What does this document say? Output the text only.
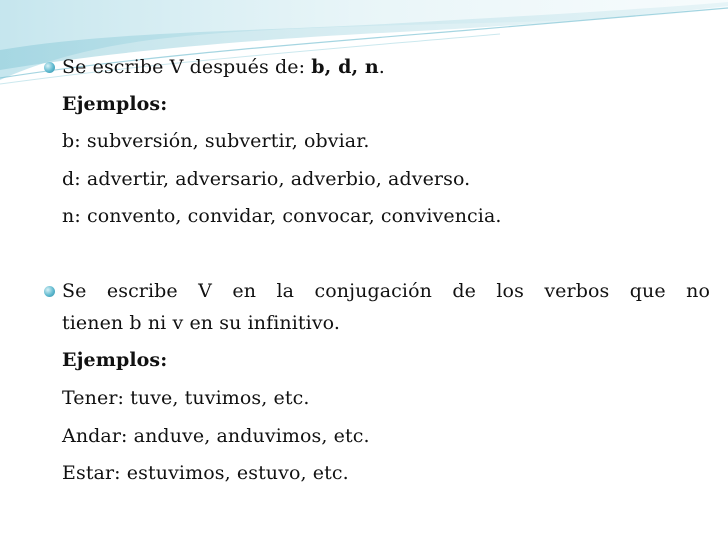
Se escribe V después de: b, d, n.
Ejemplos:
b: subversión, subvertir, obviar.
d: advertir, adversario, adverbio, adverso.
n: convento, convidar, convocar, convivencia.
Se escribe V en la conjugación de los verbos que no
tienen b ni v en su infinitivo.
Ejemplos:
Tener: tuve, tuvimos, etc.
Andar: anduve, anduvimos, etc.
Estar: estuvimos, estuvo, etc.
